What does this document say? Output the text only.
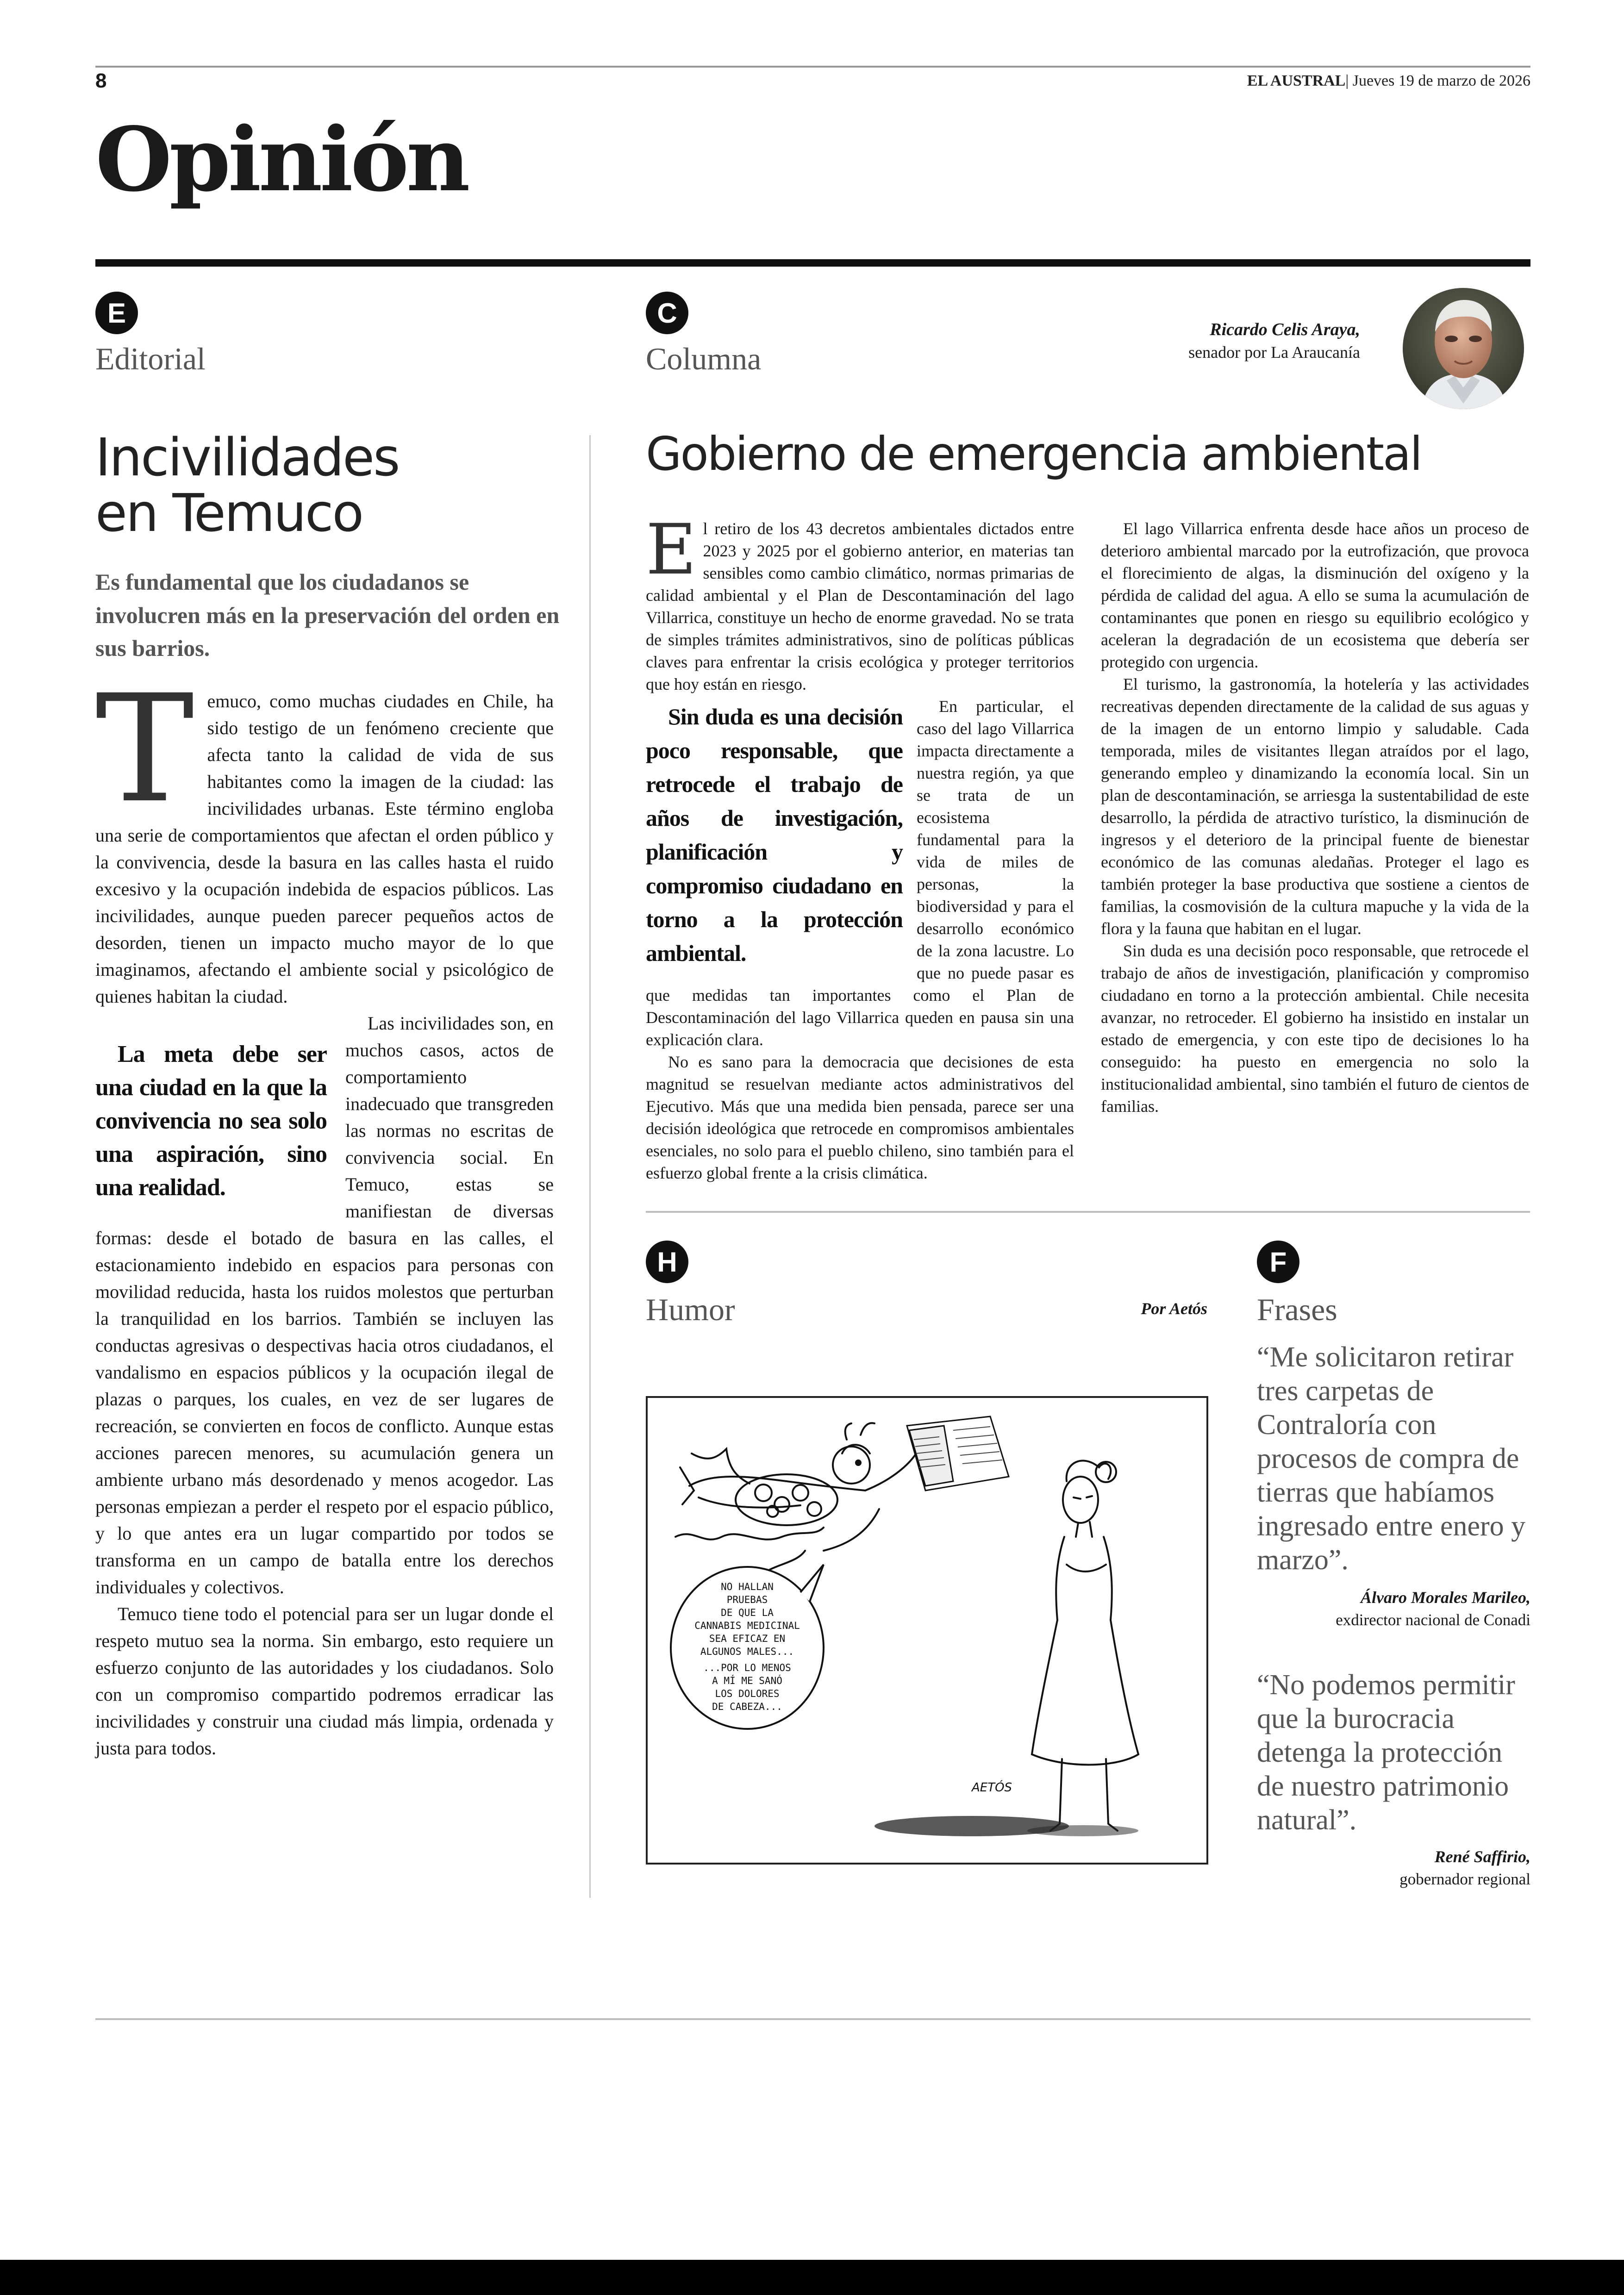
8	EL AUSTRAL| Jueves 19 de marzo de 2026
Opinión
E
Editorial
Incivilidades
en Temuco
Es fundamental que los ciudadanos se involucren más en la preservación del orden en sus barrios.

Temuco, como muchas ciudades en Chile, ha sido testigo de un fenómeno creciente que afecta tanto la calidad de vida de sus habitantes como la imagen de la ciudad: las incivilidades urbanas. Este término engloba una serie de comportamientos que afectan el orden público y la convivencia, desde la basura en las calles hasta el ruido excesivo y la ocupación indebida de espacios públicos. Las incivilidades, aunque pueden parecer pequeños actos de desorden, tienen un impacto mucho mayor de lo que imaginamos, afectando el ambiente social y psicológico de quienes habitan la ciudad.

La meta debe ser una ciudad en la que la convivencia no sea solo una aspiración, sino una realidad.
Las incivilidades son, en muchos casos, actos de comportamiento inadecuado que transgreden las normas no escritas de convivencia social. En Temuco, estas se manifiestan de diversas formas: desde el botado de basura en las calles, el estacionamiento indebido en espacios para personas con movilidad reducida, hasta los ruidos molestos que perturban la tranquilidad en los barrios. También se incluyen las conductas agresivas o despectivas hacia otros ciudadanos, el vandalismo en espacios públicos y la ocupación ilegal de plazas o parques, los cuales, en vez de ser lugares de recreación, se convierten en focos de conflicto. Aunque estas acciones parecen menores, su acumulación genera un ambiente urbano más desordenado y menos acogedor. Las personas empiezan a perder el respeto por el espacio público, y lo que antes era un lugar compartido por todos se transforma en un campo de batalla entre los derechos individuales y colectivos.

Temuco tiene todo el potencial para ser un lugar donde el respeto mutuo sea la norma. Sin embargo, esto requiere un esfuerzo conjunto de las autoridades y los ciudadanos. Solo con un compromiso compartido podremos erradicar las incivilidades y construir una ciudad más limpia, ordenada y justa para todos.

C
Columna
Ricardo Celis Araya,
senador por La Araucanía
Gobierno de emergencia ambiental

El retiro de los 43 decretos ambientales dictados entre 2023 y 2025 por el gobierno anterior, en materias tan sensibles como cambio climático, normas primarias de calidad ambiental y el Plan de Descontaminación del lago Villarrica, constituye un hecho de enorme gravedad. No se trata de simples trámites administrativos, sino de políticas públicas claves para enfrentar la crisis ecológica y proteger territorios que hoy están en riesgo.

Sin duda es una decisión poco responsable, que retrocede el trabajo de años de investigación, planificación y compromiso ciudadano en torno a la protección ambiental.
En particular, el caso del lago Villarrica impacta directamente a nuestra región, ya que se trata de un ecosistema fundamental para la vida de miles de personas, la biodiversidad y para el desarrollo económico de la zona lacustre. Lo que no puede pasar es que medidas tan importantes como el Plan de Descontaminación del lago Villarrica queden en pausa sin una explicación clara.

No es sano para la democracia que decisiones de esta magnitud se resuelvan mediante actos administrativos del Ejecutivo. Más que una medida bien pensada, parece ser una decisión ideológica que retrocede en compromisos ambientales esenciales, no solo para el pueblo chileno, sino también para el esfuerzo global frente a la crisis climática.

El lago Villarrica enfrenta desde hace años un proceso de deterioro ambiental marcado por la eutrofización, que provoca el florecimiento de algas, la disminución del oxígeno y la pérdida de calidad del agua. A ello se suma la acumulación de contaminantes que ponen en riesgo su equilibrio ecológico y aceleran la degradación de un ecosistema que debería ser protegido con urgencia.

El turismo, la gastronomía, la hotelería y las actividades recreativas dependen directamente de la calidad de sus aguas y de la imagen de un entorno limpio y saludable. Cada temporada, miles de visitantes llegan atraídos por el lago, generando empleo y dinamizando la economía local. Sin un plan de descontaminación, se arriesga la sustentabilidad de este desarrollo, la pérdida de atractivo turístico, la disminución de ingresos y el deterioro de la principal fuente de bienestar económico de las comunas aledañas. Proteger el lago es también proteger la base productiva que sostiene a cientos de familias, la cosmovisión de la cultura mapuche y la vida de la flora y la fauna que habitan en el lugar.

Sin duda es una decisión poco responsable, que retrocede el trabajo de años de investigación, planificación y compromiso ciudadano en torno a la protección ambiental. Chile necesita avanzar, no retroceder. El gobierno ha insistido en instalar un estado de emergencia, y con este tipo de decisiones lo ha conseguido: ha puesto en emergencia no solo la institucionalidad ambiental, sino también el futuro de cientos de familias.

H
Humor	Por Aetós
NO HALLAN
PRUEBAS
DE QUE LA
CANNABIS MEDICINAL
SEA EFICAZ EN
ALGUNOS MALES...
...POR LO MENOS
A MÍ ME SANÓ
LOS DOLORES
DE CABEZA...
AETÓS
F
Frases
“Me solicitaron retirar tres carpetas de Contraloría con procesos de compra de tierras que habíamos ingresado entre enero y marzo”.
Álvaro Morales Marileo,
exdirector nacional de Conadi
“No podemos permitir que la burocracia detenga la protección de nuestro patrimonio natural”.
René Saffirio,
gobernador regional
